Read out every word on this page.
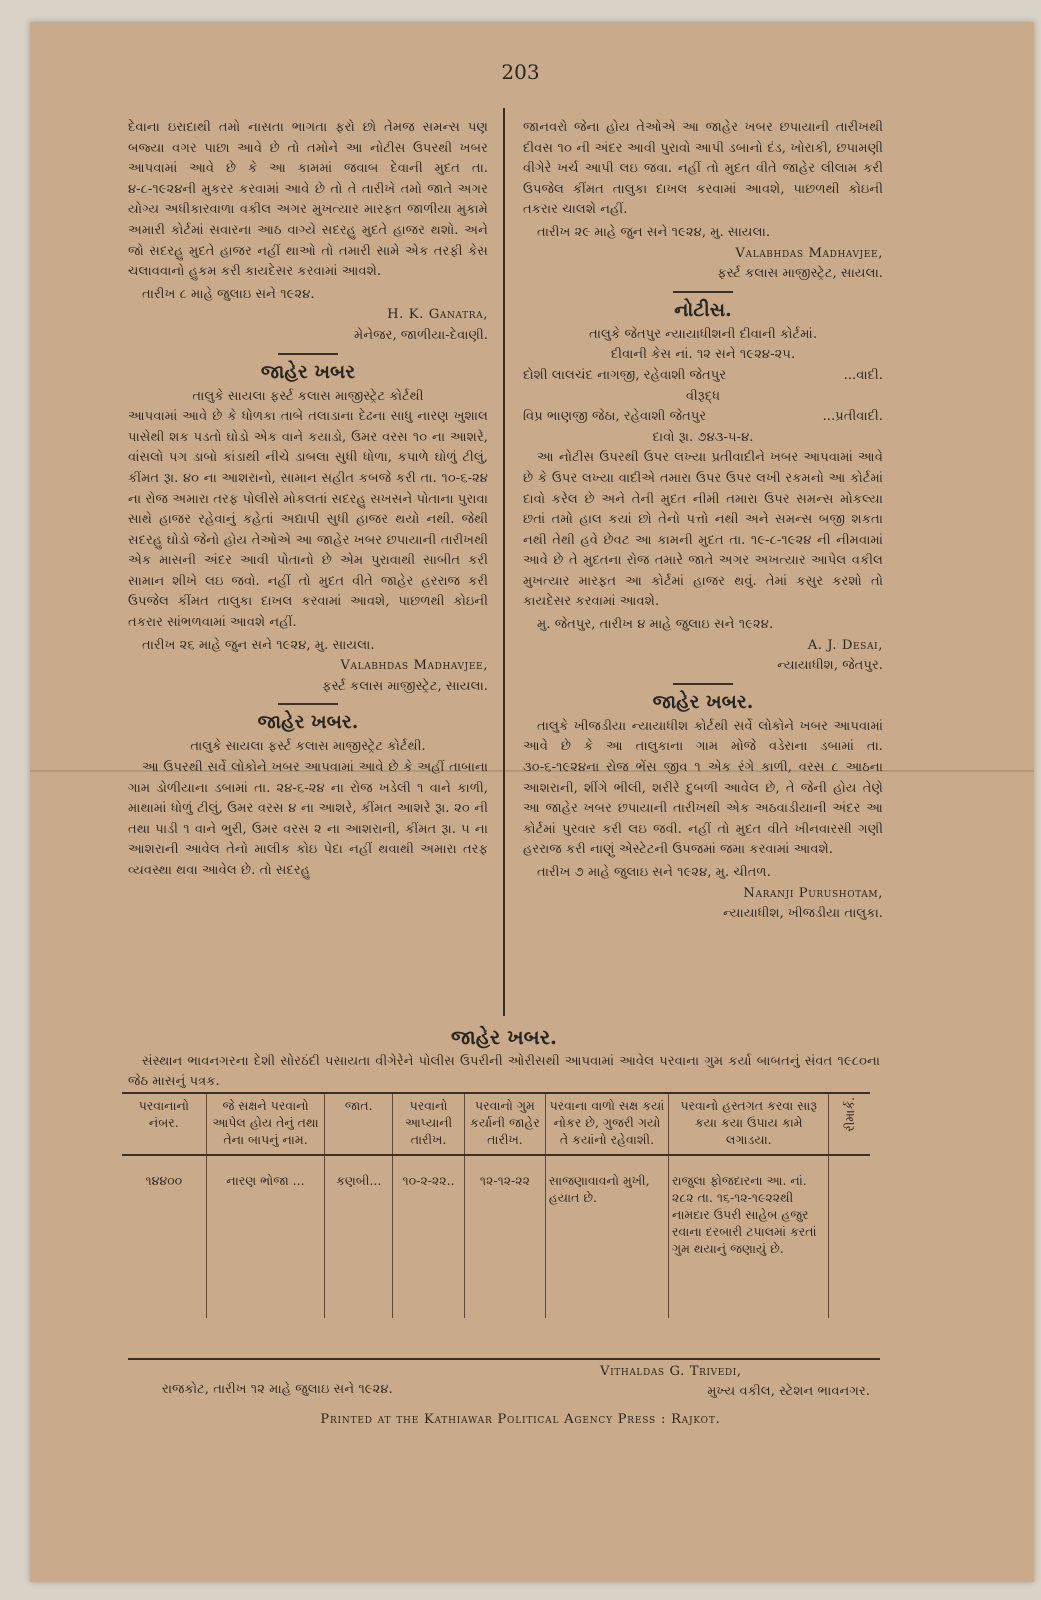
203

દેવાના ઇરાદાથી તમો નાસતા ભાગતા ફરો છો તેમજ સમન્સ પણ બજ્યા વગર પાછા આવે છે તો તમોને આ નોટીસ ઉપરથી ખબર આપવામાં આવે છે કે આ કામમાં જવાબ દેવાની મુદત તા. ૪-૮-૧૯૨૪ની મુકરર કરવામાં આવે છે તો તે તારીખે તમો જાતે અગર યોગ્ય અધીકારવાળા વકીલ અગર મુખત્યાર મારફત જાળીયા મુકામે અમારી કોર્ટમાં સવારના આઠ વાગ્યે સદરહુ મુદતે હાજર થશો. અને જો સદરહુ મુદતે હાજર નહીં થાઓ તો તમારી સામે એક તરફી કેસ ચલાવવાનો હુકમ કરી કાયદેસર કરવામાં આવશે.

તારીખ ૮ માહે જુલાઇ સને ૧૯૨૪.

H. K. Ganatra,

મેનેજર, જાળીયા-દેવાણી.

જાહેર ખબર

તાલુકે સાયલા ફર્સ્ટ કલાસ માજીસ્ટ્રેટ કોર્ટથી

આપવામાં આવે છે કે ધોળકા તાબે તલાડાના દેઢના સાધુ નારણ ખુશાલ પાસેથી શક પડતો ઘોડો એક વાને કયાડો, ઉમર વરસ ૧૦ ના આશરે, વાંસલો પગ ડાબો કાંડાથી નીચે ડાબલા સુધી ધોળા, કપાળે ઘોળું ટીલું, કીંમત રૂા. ૪૦ ના આશરાનો, સામાન સહીત કબજે કરી તા. ૧૦-૬-૨૪ ના રોજ અમારા તરફ પોલીસે મોકલતાં સદરહુ સખસને પોતાના પુરાવા સાથે હાજર રહેવાનું કહેતાં અદ્યાપી સુધી હાજર થયો નથી. જેથી સદરહુ ઘોડો જેનો હોય તેઓએ આ જાહેર ખબર છપાયાની તારીખથી એક માસની અંદર આવી પોતાનો છે એમ પુરાવાથી સાબીત કરી સામાન શીખે લઇ જવો. નહીં તો મુદત વીતે જાહેર હરરાજ કરી ઉપજેલ કીંમત તાલુકા દાખલ કરવામાં આવશે, પાછળથી કોઇની તકરાર સાંભળવામાં આવશે નહીં.

તારીખ ૨૬ માહે જુન સને ૧૯૨૪, મુ. સાયલા.

Valabhdas Madhavjee,

ફર્સ્ટ કલાસ માજીસ્ટ્રેટ, સાયલા.

જાહેર ખબર.

તાલુકે સાયલા ફર્સ્ટ કલાસ માજીસ્ટ્રેટ કોર્ટથી.

આ ઉપરથી સર્વે લોકોને ખબર આપવામાં આવે છે કે અહીં તાબાના ગામ ડોળીયાના ડબામાં તા. ૨૪-૬-૨૪ ના રોજ ખડેલી ૧ વાને કાળી, માથામાં ધોળું ટીલું, ઉમર વરસ ૪ ના આશરે, કીંમત આશરે રૂા. ૨૦ ની તથા પાડી ૧ વાને ભુરી, ઉમર વરસ ૨ ના આશરાની, કીંમત રૂા. ૫ ના આશરાની આવેલ તેનો માલીક કોઇ પેદા નહીં થવાથી અમારા તરફ વ્યવસ્થા થવા આવેલ છે. તો સદરહુ

જાનવરો જેના હોય તેઓએ આ જાહેર ખબર છપાયાની તારીખથી દીવસ ૧૦ ની અંદર આવી પુરાવો આપી ડબાનો દંડ, ખોરાકી, છપામણી વીગેરે ખર્ચ આપી લઇ જવા. નહીં તો મુદત વીતે જાહેર લીલામ કરી ઉપજેલ કીંમત તાલુકા દાખલ કરવામાં આવશે, પાછળથી કોઇની તકરાર ચાલશે નહીં.

તારીખ ૨૯ માહે જુન સને ૧૯૨૪, મુ. સાયલા.

Valabhdas Madhavjee,

ફર્સ્ટ કલાસ માજીસ્ટ્રેટ, સાયલા.

નોટીસ.

તાલુકે જેતપુર ન્યાયાધીશની દીવાની કોર્ટમાં.

દીવાની કેસ નાં. ૧૨ સને ૧૯૨૪-૨૫.

દોશી લાલચંદ નાગજી, રહેવાશી જેતપુર	...વાદી.

વીરૂદ્ધ

વિપ્ર ભાણજી જેઠા, રહેવાશી જેતપુર	...પ્રતીવાદી.

દાવો રૂા. ૭૪૩-૫-૪.

આ નોટીસ ઉપરથી ઉપર લખ્યા પ્રતીવાદીને ખબર આપવામાં આવે છે કે ઉપર લખ્યા વાદીએ તમારા ઉપર ઉપર લખી રકમનો આ કોર્ટમાં દાવો કરેલ છે અને તેની મુદત નીમી તમારા ઉપર સમન્સ મોકલ્યા છતાં તમો હાલ કયાં છો તેનો પત્તો નથી અને સમન્સ બજી શકતા નથી તેથી હવે છેવટ આ કામની મુદત તા. ૧૯-૮-૧૯૨૪ ની નીમવામાં આવે છે તે મુદતના રોજ તમારે જાતે અગર અખત્યાર આપેલ વકીલ મુખત્યાર મારફત આ કોર્ટમાં હાજર થવું. તેમાં કસુર કરશો તો કાયદેસર કરવામાં આવશે.

મુ. જેતપુર, તારીખ ૪ માહે જુલાઇ સને ૧૯૨૪.

A. J. Desai,

ન્યાયાધીશ, જેતપુર.

જાહેર ખબર.

તાલુકે ખીજડીયા ન્યાયાધીશ કોર્ટથી સર્વે લોકોને ખબર આપવામાં આવે છે કે આ તાલુકાના ગામ મોજે વડેરાના ડબામાં તા. ૩૦-૬-૧૯૨૪ના રોજ ભેંસ જીવ ૧ એક રંગે કાળી, વરસ ૮ આઠના આશરાની, શીંગે ભીલી, શરીરે દુબળી આવેલ છે, તે જેની હોય તેણે આ જાહેર ખબર છપાયાની તારીખથી એક અઠવાડીયાની અંદર આ કોર્ટમાં પુરવાર કરી લઇ જવી. નહીં તો મુદત વીતે ખીનવારસી ગણી હરરાજ કરી નાણું એસ્ટેટની ઉપજમાં જમા કરવામાં આવશે.

તારીખ ૭ માહે જુલાઇ સને ૧૯૨૪, મુ. ચીતળ.

Naranji Purushotam,

ન્યાયાધીશ, ખીજડીયા તાલુકા.

જાહેર ખબર.

સંસ્થાન ભાવનગરના દેશી સોરઠંદી પસાયતા વીગેરેને પોલીસ ઉપરીની ઓરીસથી આપવામાં આવેલ પરવાના ગુમ કર્યા બાબતનું સંવત ૧૯૮૦ના જેઠ માસનું પત્રક.

પરવાનાનો નંબર.	જે સક્ષને પરવાનો આપેલ હોય તેનું તથા તેના બાપનું નામ.	જાત.	પરવાનો આપ્યાની તારીખ.	પરવાનો ગુમ કર્યાની જાહેર તારીખ.	પરવાના વાળો સક્ષ કયાં નોકર છે, ગુજરી ગયો તે કયાંનો રહેવાશી.	પરવાનો હસ્તગત કરવા સારૂ કયા કયા ઉપાય કામે લગાડયા.	રીમાર્ક.
૧૪૪૦૦	નારણ ભોજા ...	કણબી...	૧૦-૨-૨૨..	૧૨-૧૨-૨૨	સાજણાવાવનો મુખી, હયાત છે.	રાજુલા ફોજદારના આ. નાં. ૨૮૨ તા. ૧૬-૧૨-૧૯૨૨થી નામદાર ઉપરી સાહેબ હજુર રવાના દરબારી ટપાલમાં કરતાં ગુમ થયાનું જણાયું છે.	

Vithaldas G. Trivedi,

મુખ્ય વકીલ, સ્ટેશન ભાવનગર.

રાજકોટ, તારીખ ૧૨ માહે જુલાઇ સને ૧૯૨૪.
Printed at the Kathiawar Political Agency Press : Rajkot.
